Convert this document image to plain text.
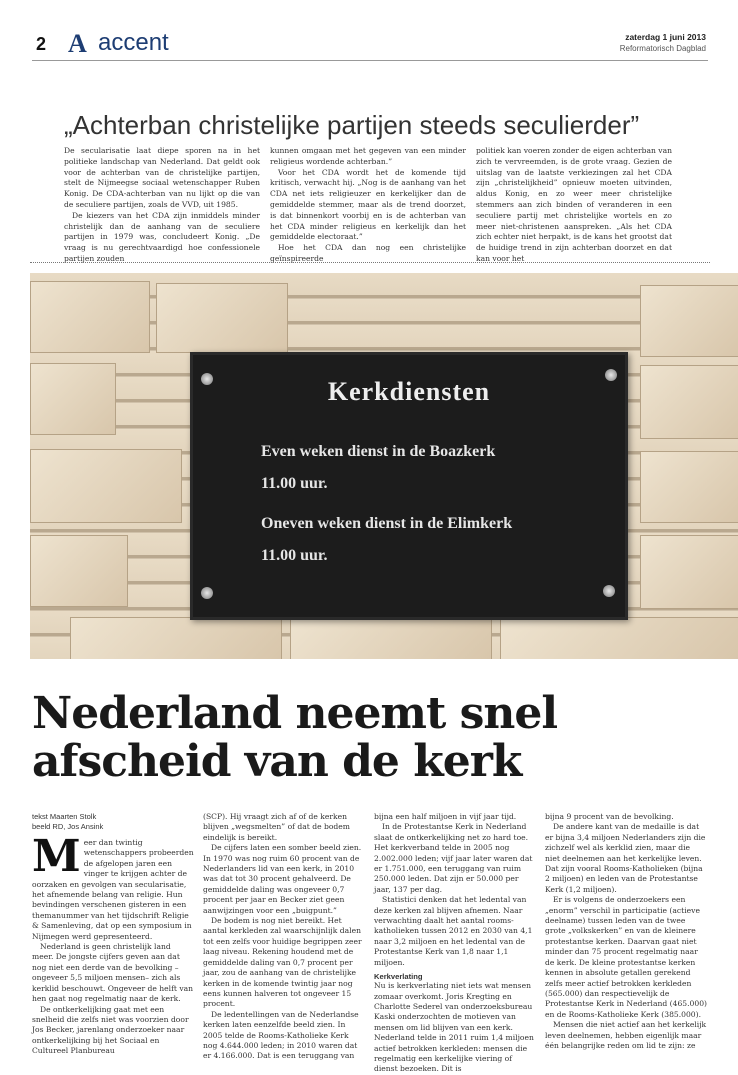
2 A accent	zaterdag 1 juni 2013
Reformatorisch Dagblad
„Achterban christelijke partijen steeds seculierder”

De secularisatie laat diepe sporen na in het politieke landschap van Nederland. Dat geldt ook voor de achterban van de christelijke partijen, stelt de Nijmeegse sociaal wetenschapper Ruben Konig. De CDA-achterban van nu lijkt op die van de seculiere partijen, zoals de VVD, uit 1985.

De kiezers van het CDA zijn inmiddels minder christelijk dan de aanhang van de seculiere partijen in 1979 was, concludeert Konig. „De vraag is nu gerechtvaardigd hoe confessionele partijen zouden

kunnen omgaan met het gegeven van een minder religieus wordende achterban.”

Voor het CDA wordt het de komende tijd kritisch, verwacht hij. „Nog is de aanhang van het CDA net iets religieuzer en kerkelijker dan de gemiddelde stemmer, maar als de trend doorzet, is dat binnenkort voorbij en is de achterban van het CDA minder religieus en kerkelijk dan het gemiddelde electoraat.”

Hoe het CDA dan nog een christelijke geïnspireerde

politiek kan voeren zonder de eigen achterban van zich te vervreemden, is de grote vraag. Gezien de uitslag van de laatste verkiezingen zal het CDA zijn „christelijkheid” opnieuw moeten uitvinden, aldus Konig, en zo weer meer christelijke stemmers aan zich binden of veranderen in een seculiere partij met christelijke wortels en zo meer niet-christenen aanspreken. „Als het CDA zich echter niet herpakt, is de kans het grootst dat de huidige trend in zijn achterban doorzet en dat kan voor het

Kerkdiensten
Even weken dienst in de Boazkerk
11.00 uur.
Oneven weken dienst in de Elimkerk
11.00 uur.
Nederland neemt snel afscheid van de kerk
tekst Maarten Stolk
beeld RD, Jos Ansink

Meer dan twintig wetenschappers probeerden de afgelopen jaren een vinger te krijgen achter de oorzaken en gevolgen van secularisatie, het afnemende belang van religie. Hun bevindingen verschenen gisteren in een themanummer van het tijdschrift Religie & Samenleving, dat op een symposium in Nijmegen werd gepresenteerd.

Nederland is geen christelijk land meer. De jongste cijfers geven aan dat nog niet een derde van de bevolking –ongeveer 5,5 miljoen mensen– zich als kerklid beschouwt. Ongeveer de helft van hen gaat nog regelmatig naar de kerk.

De ontkerkelijking gaat met een snelheid die zelfs niet was voorzien door Jos Becker, jarenlang onderzoeker naar ontkerkelijking bij het Sociaal en Cultureel Planbureau

(SCP). Hij vraagt zich af of de kerken blijven „wegsmelten” of dat de bodem eindelijk is bereikt.

De cijfers laten een somber beeld zien. In 1970 was nog ruim 60 procent van de Nederlanders lid van een kerk, in 2010 was dat tot 30 procent gehalveerd. De gemiddelde daling was ongeveer 0,7 procent per jaar en Becker ziet geen aanwijzingen voor een „buigpunt.”

De bodem is nog niet bereikt. Het aantal kerkleden zal waarschijnlijk dalen tot een zelfs voor huidige begrippen zeer laag niveau. Rekening houdend met de gemiddelde daling van 0,7 procent per jaar, zou de aanhang van de christelijke kerken in de komende twintig jaar nog eens kunnen halveren tot ongeveer 15 procent.

De ledentellingen van de Nederlandse kerken laten eenzelfde beeld zien. In 2005 telde de Rooms-Katholieke Kerk nog 4.644.000 leden; in 2010 waren dat er 4.166.000. Dat is een teruggang van

bijna een half miljoen in vijf jaar tijd.

In de Protestantse Kerk in Nederland slaat de ontkerkelijking net zo hard toe. Het kerkverband telde in 2005 nog 2.002.000 leden; vijf jaar later waren dat er 1.751.000, een teruggang van ruim 250.000 leden. Dat zijn er 50.000 per jaar, 137 per dag.

Statistici denken dat het ledental van deze kerken zal blijven afnemen. Naar verwachting daalt het aantal rooms-katholieken tussen 2012 en 2030 van 4,1 naar 3,2 miljoen en het ledental van de Protestantse Kerk van 1,8 naar 1,1 miljoen.

Kerkverlating

Nu is kerkverlating niet iets wat mensen zomaar overkomt. Joris Kregting en Charlotte Sederel van onderzoeksbureau Kaski onderzochten de motieven van mensen om lid blijven van een kerk. Nederland telde in 2011 ruim 1,4 miljoen actief betrokken kerkleden: mensen die regelmatig een kerkelijke viering of dienst bezoeken. Dit is

bijna 9 procent van de bevolking.

De andere kant van de medaille is dat er bijna 3,4 miljoen Nederlanders zijn die zichzelf wel als kerklid zien, maar die niet deelnemen aan het kerkelijke leven. Dat zijn vooral Rooms-Katholieken (bijna 2 miljoen) en leden van de Protestantse Kerk (1,2 miljoen).

Er is volgens de onderzoekers een „enorm” verschil in participatie (actieve deelname) tussen leden van de twee grote „volkskerken” en van de kleinere protestantse kerken. Daarvan gaat niet minder dan 75 procent regelmatig naar de kerk. De kleine protestantse kerken kennen in absolute getallen gerekend zelfs meer actief betrokken kerkleden (565.000) dan respectievelijk de Protestantse Kerk in Nederland (465.000) en de Rooms-Katholieke Kerk (385.000).

Mensen die niet actief aan het kerkelijk leven deelnemen, hebben eigenlijk maar één belangrijke reden om lid te zijn: ze
